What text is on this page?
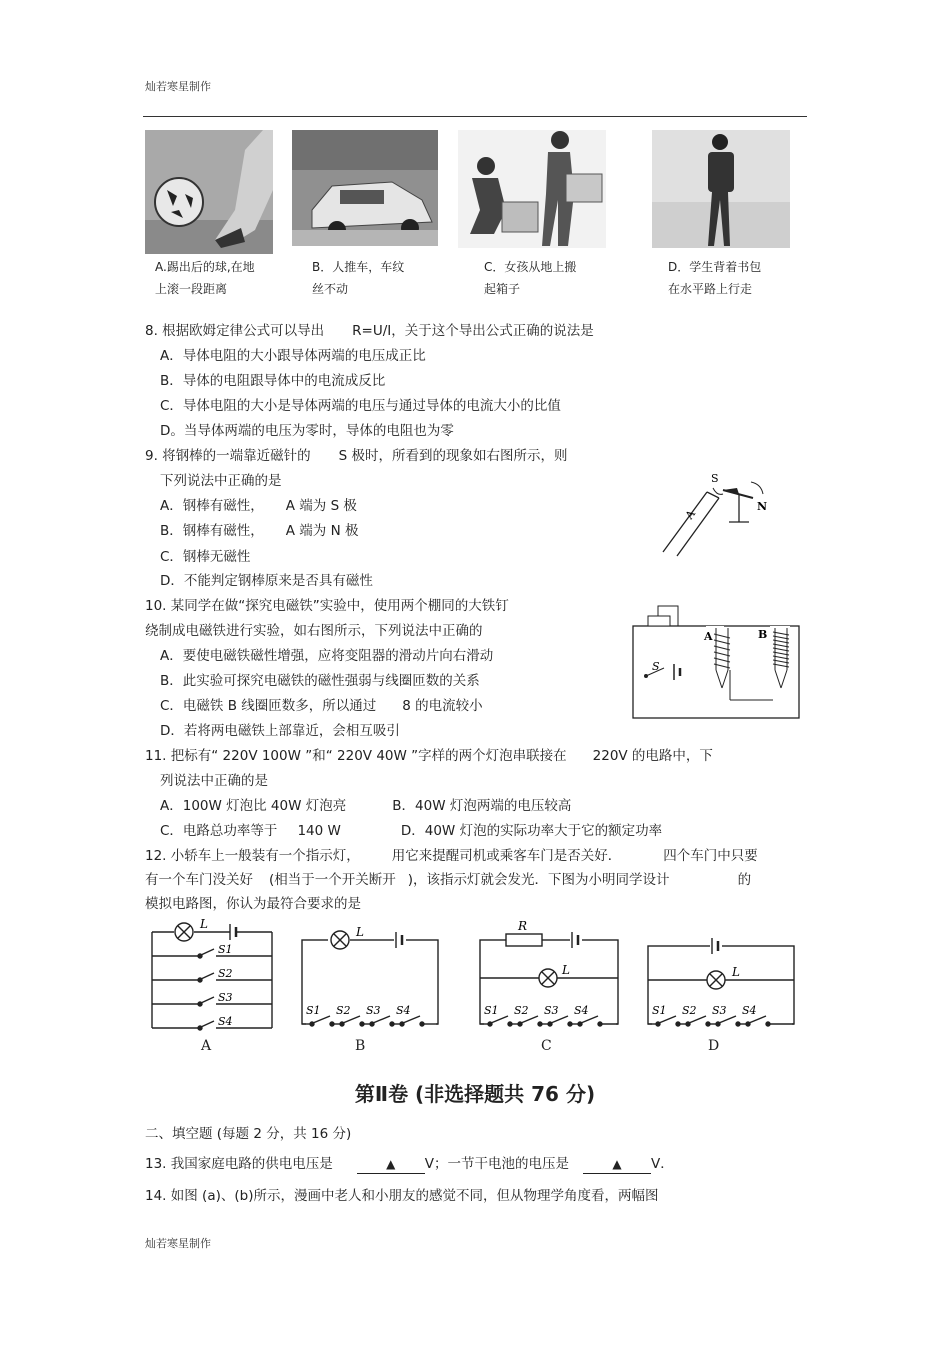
灿若寒星制作
A.踢出后的球,在地
上滚一段距离
B．人推车，车纹
丝不动
C．女孩从地上搬
起箱子
D．学生背着书包
在水平路上行走
8. 根据欧姆定律公式可以导出 R=U/I，关于这个导出公式正确的说法是
A．导体电阻的大小跟导体两端的电压成正比
B．导体的电阻跟导体中的电流成反比
C．导体电阻的大小是导体两端的电压与通过导体的电流大小的比值
D。当导体两端的电压为零时，导体的电阻也为零
9. 将钢棒的一端靠近磁针的 S 极时，所看到的现象如右图所示，则
下列说法中正确的是
A．钢棒有磁性， A 端为 S 极
B．钢棒有磁性， A 端为 N 极
C．钢棒无磁性
D．不能判定钢棒原来是否具有磁性
A
S
N
10. 某同学在做“探究电磁铁”实验中，使用两个棚同的大铁钉
绕制成电磁铁进行实验，如右图所示，下列说法中正确的
A．要使电磁铁磁性增强，应将变阻器的滑动片向右滑动
B．此实验可探究电磁铁的磁性强弱与线圈匝数的关系
C．电磁铁 B 线圈匝数多，所以通过 8 的电流较小
D．若将两电磁铁上部靠近，会相互吸引
S
A	B
11. 把标有“ 220V 100W ”和“ 220V 40W ”字样的两个灯泡串联接在 220V 的电路中，下
列说法中正确的是
A．100W 灯泡比 40W 灯泡亮	B．40W 灯泡两端的电压较高
C．电路总功率等于 140 W	D．40W 灯泡的实际功率大于它的额定功率
12. 小轿车上一般装有一个指示灯， 用它来提醒司机或乘客车门是否关好．	四个车门中只要
有一个车门没关好 (相当于一个开关断开 )，该指示灯就会发光．下图为小明同学设计	的
模拟电路图，你认为最符合要求的是
L
S1
S2
S3
S4
L
S1 S2 S3 S4
R
L
S1 S2 S3 S4
L
S1 S2 S3 S4
A	B	C	D
第Ⅱ卷 (非选择题共 76 分)
二、填空题 (每题 2 分，共 16 分)
13. 我国家庭电路的供电电压是	▲ V；一节干电池的电压是	▲ V．
14. 如图 (a)、(b)所示，漫画中老人和小朋友的感觉不同，但从物理学角度看，两幅图
灿若寒星制作
